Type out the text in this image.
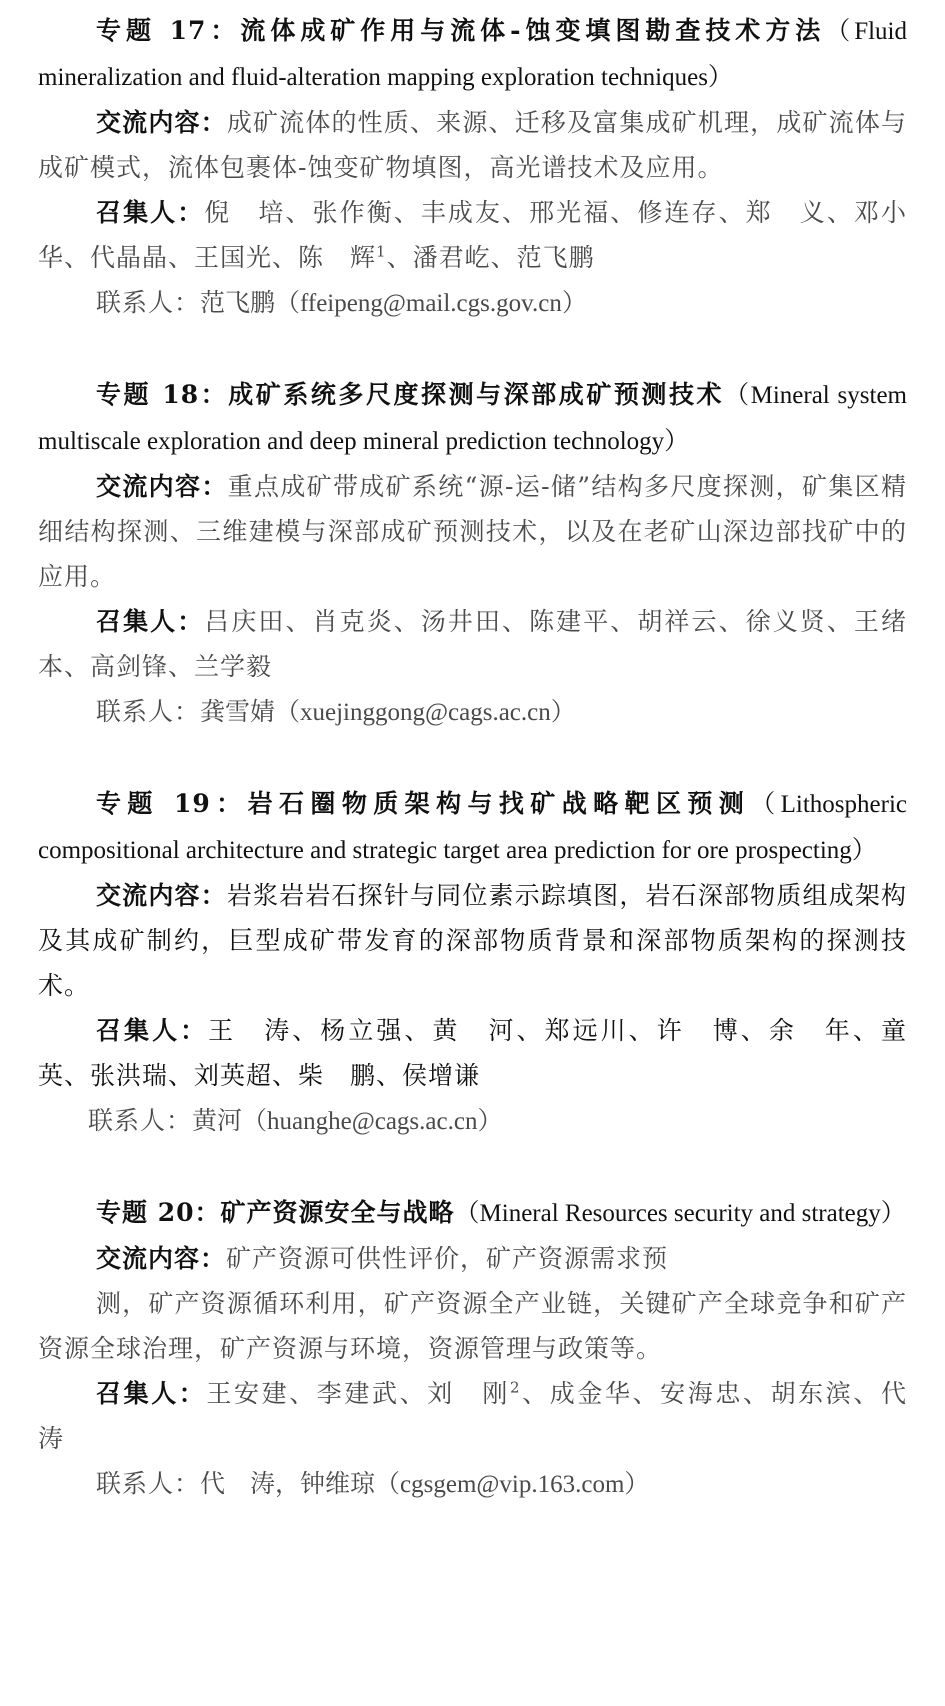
专题 17：流体成矿作用与流体-蚀变填图勘查技术方法（Fluid mineralization and fluid-alteration mapping exploration techniques）

交流内容：成矿流体的性质、来源、迁移及富集成矿机理，成矿流体与成矿模式，流体包裹体-蚀变矿物填图，高光谱技术及应用。

召集人：倪　培、张作衡、丰成友、邢光福、修连存、郑　义、邓小华、代晶晶、王国光、陈　辉$^1$、潘君屹、范飞鹏

联系人：范飞鹏（ffeipeng@mail.cgs.gov.cn）

专题 18：成矿系统多尺度探测与深部成矿预测技术（Mineral system multiscale exploration and deep mineral prediction technology）

交流内容：重点成矿带成矿系统“源-运-储”结构多尺度探测，矿集区精细结构探测、三维建模与深部成矿预测技术，以及在老矿山深边部找矿中的应用。

召集人：吕庆田、肖克炎、汤井田、陈建平、胡祥云、徐义贤、王绪本、高剑锋、兰学毅

联系人：龚雪婧（xuejinggong@cags.ac.cn）

专题 19：岩石圈物质架构与找矿战略靶区预测（Lithospheric compositional architecture and strategic target area prediction for ore prospecting）

交流内容：岩浆岩岩石探针与同位素示踪填图，岩石深部物质组成架构及其成矿制约，巨型成矿带发育的深部物质背景和深部物质架构的探测技术。

召集人：王　涛、杨立强、黄　河、郑远川、许　博、余　年、童　英、张洪瑞、刘英超、柴　鹏、侯增谦

联系人：黄河（huanghe@cags.ac.cn）

专题 20：矿产资源安全与战略（Mineral Resources security and strategy）

交流内容：矿产资源可供性评价，矿产资源需求预

测，矿产资源循环利用，矿产资源全产业链，关键矿产全球竞争和矿产资源全球治理，矿产资源与环境，资源管理与政策等。

召集人：王安建、李建武、刘　刚$^2$、成金华、安海忠、胡东滨、代　涛

联系人：代　涛，钟维琼（cgsgem@vip.163.com）
